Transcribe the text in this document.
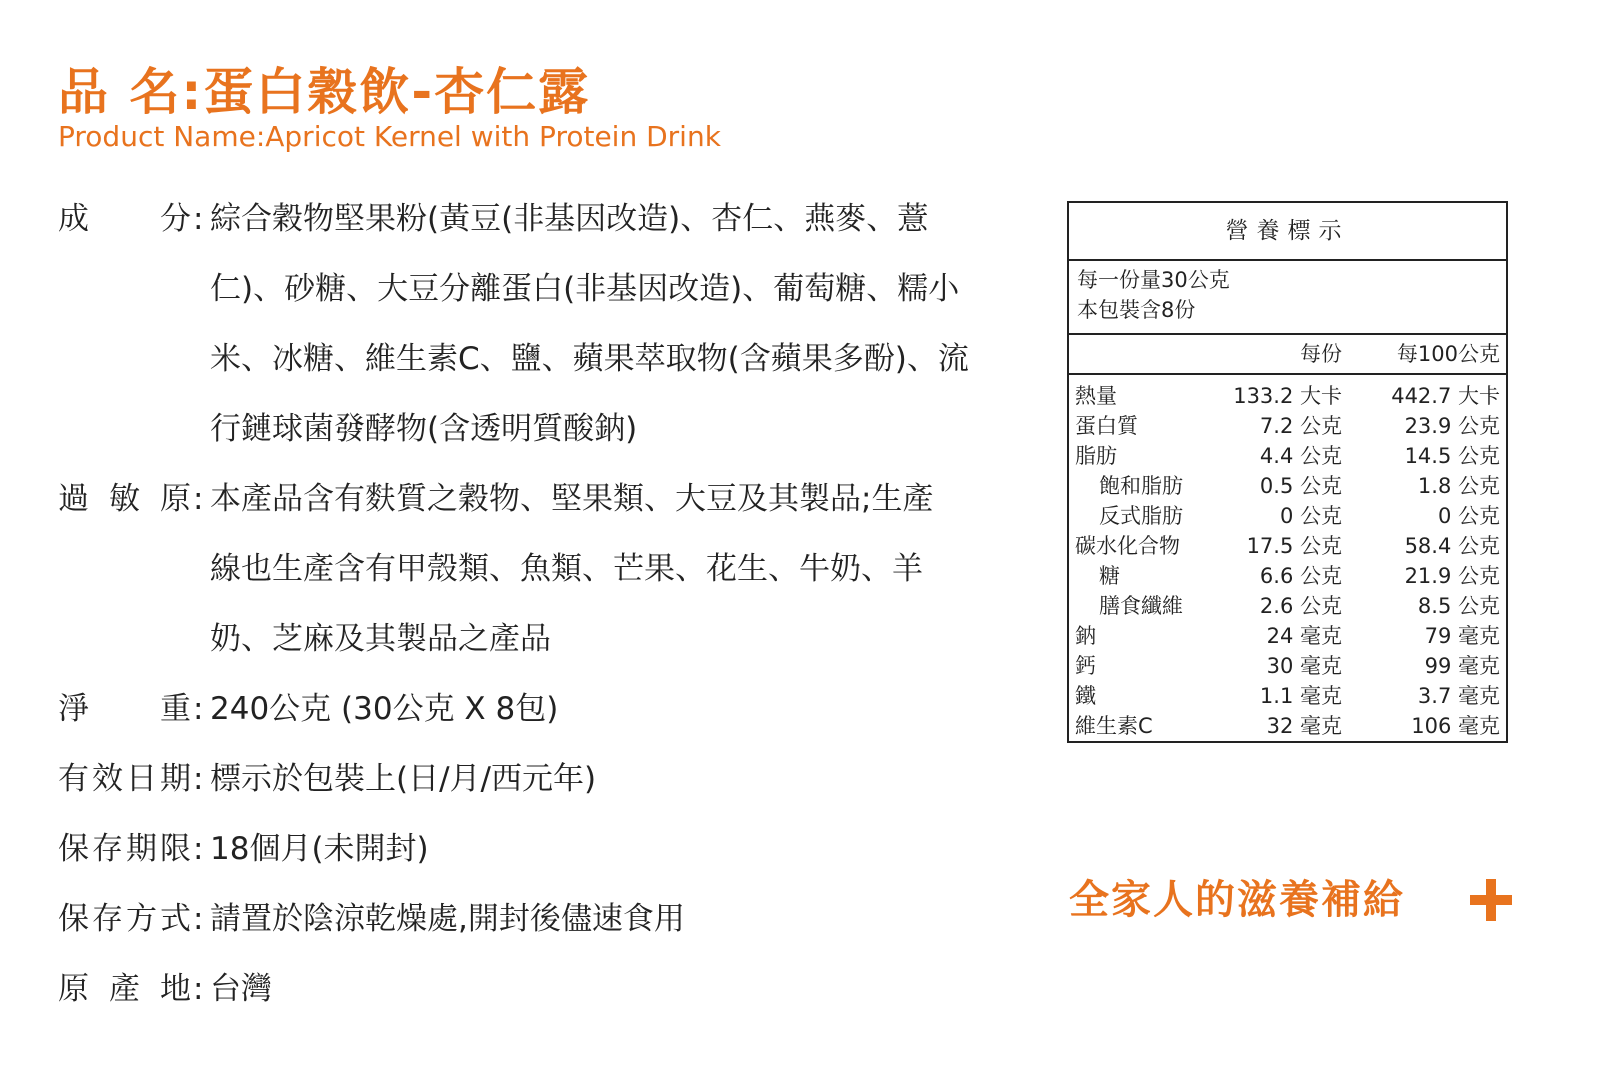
品 名:蛋白穀飲-杏仁露
Product Name:Apricot Kernel with Protein Drink
成 分 : 綜合穀物堅果粉(黃豆(非基因改造)、杏仁、燕麥、薏
仁)、砂糖、大豆分離蛋白(非基因改造)、葡萄糖、糯小
米、冰糖、維生素C、鹽、蘋果萃取物(含蘋果多酚)、流
行鏈球菌發酵物(含透明質酸鈉)
過 敏 原 : 本產品含有麩質之穀物、堅果類、大豆及其製品;生產
線也生產含有甲殼類、魚類、芒果、花生、牛奶、羊
奶、芝麻及其製品之產品
淨 重 : 240公克 (30公克 X 8包)
有 效 日 期 : 標示於包裝上(日/月/西元年)
保 存 期 限 : 18個月(未開封)
保 存 方 式 : 請置於陰涼乾燥處,開封後儘速食用
原 產 地 : 台灣
營養標示
每一份量30公克
本包裝含8份
每份	每100公克
熱量	133.2 大卡 442.7 大卡
蛋白質	7.2 公克	23.9 公克
脂肪	4.4 公克	14.5 公克
飽和脂肪	0.5 公克	1.8 公克
反式脂肪	0 公克	0 公克
碳水化合物	17.5 公克	58.4 公克
糖	6.6 公克	21.9 公克
膳食纖維	2.6 公克	8.5 公克
鈉	24 毫克	79 毫克
鈣	30 毫克	99 毫克
鐵	1.1 毫克	3.7 毫克
維生素C	32 毫克	106 毫克
全家人的滋養補給
